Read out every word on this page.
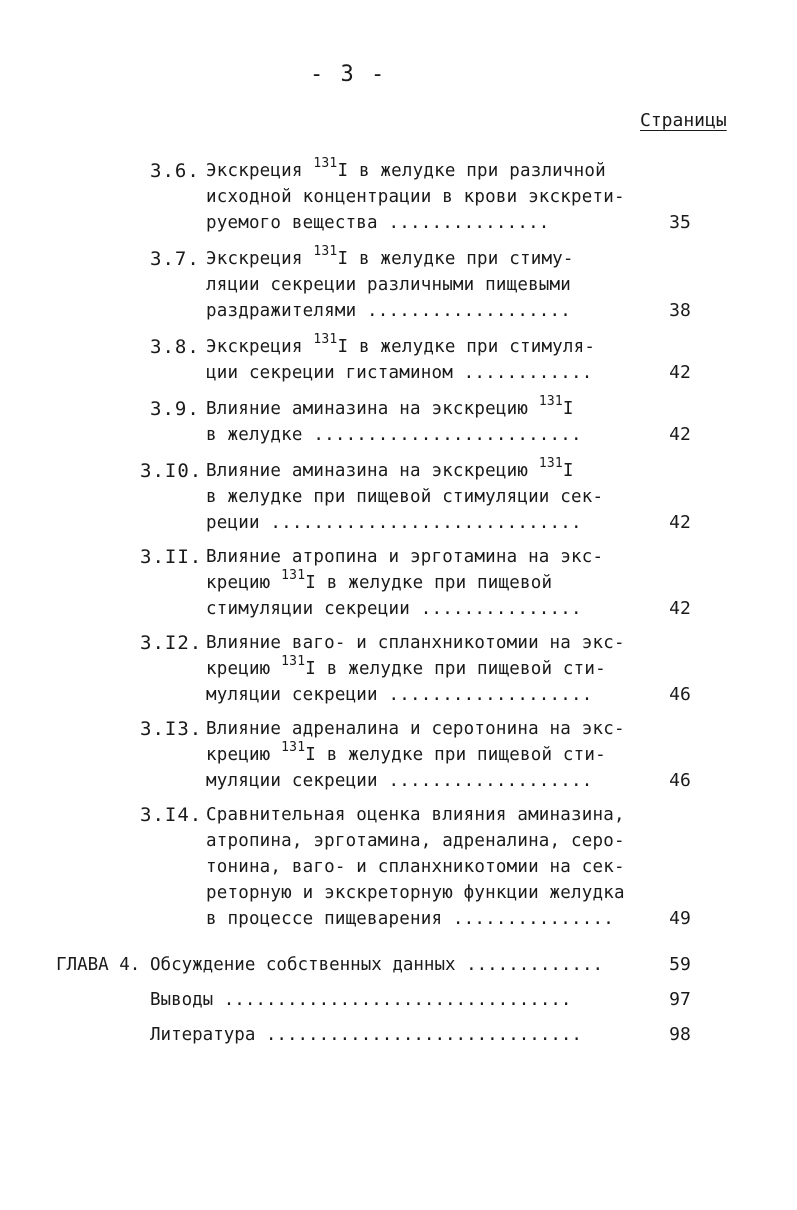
- 3 -
Страницы
3.6. Экскреция $^{131}$I в желудке при различной
исходной концентрации в крови экскрети-
руемого вещества ...............	35
3.7. Экскреция $^{131}$I в желудке при стиму-
ляции секреции различными пищевыми
раздражителями ...................	38
3.8. Экскреция $^{131}$I в желудке при стимуля-
ции секреции гистамином ............	42
3.9. Влияние аминазина на экскрецию $^{131}$I
в желудке .........................	42
3.I0. Влияние аминазина на экскрецию $^{131}$I
в желудке при пищевой стимуляции сек-
реции .............................	42
3.II. Влияние атропина и эрготамина на экс-
крецию $^{131}$I в желудке при пищевой
стимуляции секреции ...............	42
3.I2. Влияние ваго- и спланхникотомии на экс-
крецию $^{131}$I в желудке при пищевой сти-
муляции секреции ...................	46
3.I3. Влияние адреналина и серотонина на экс-
крецию $^{131}$I в желудке при пищевой сти-
муляции секреции ...................	46
3.I4. Сравнительная оценка влияния аминазина,
атропина, эрготамина, адреналина, серо-
тонина, ваго- и спланхникотомии на сек-
реторную и экскреторную функции желудка
в процессе пищеварения ...............	49
ГЛАВА 4. Обсуждение собственных данных .............	59
Выводы .................................	97
Литература ..............................	98
